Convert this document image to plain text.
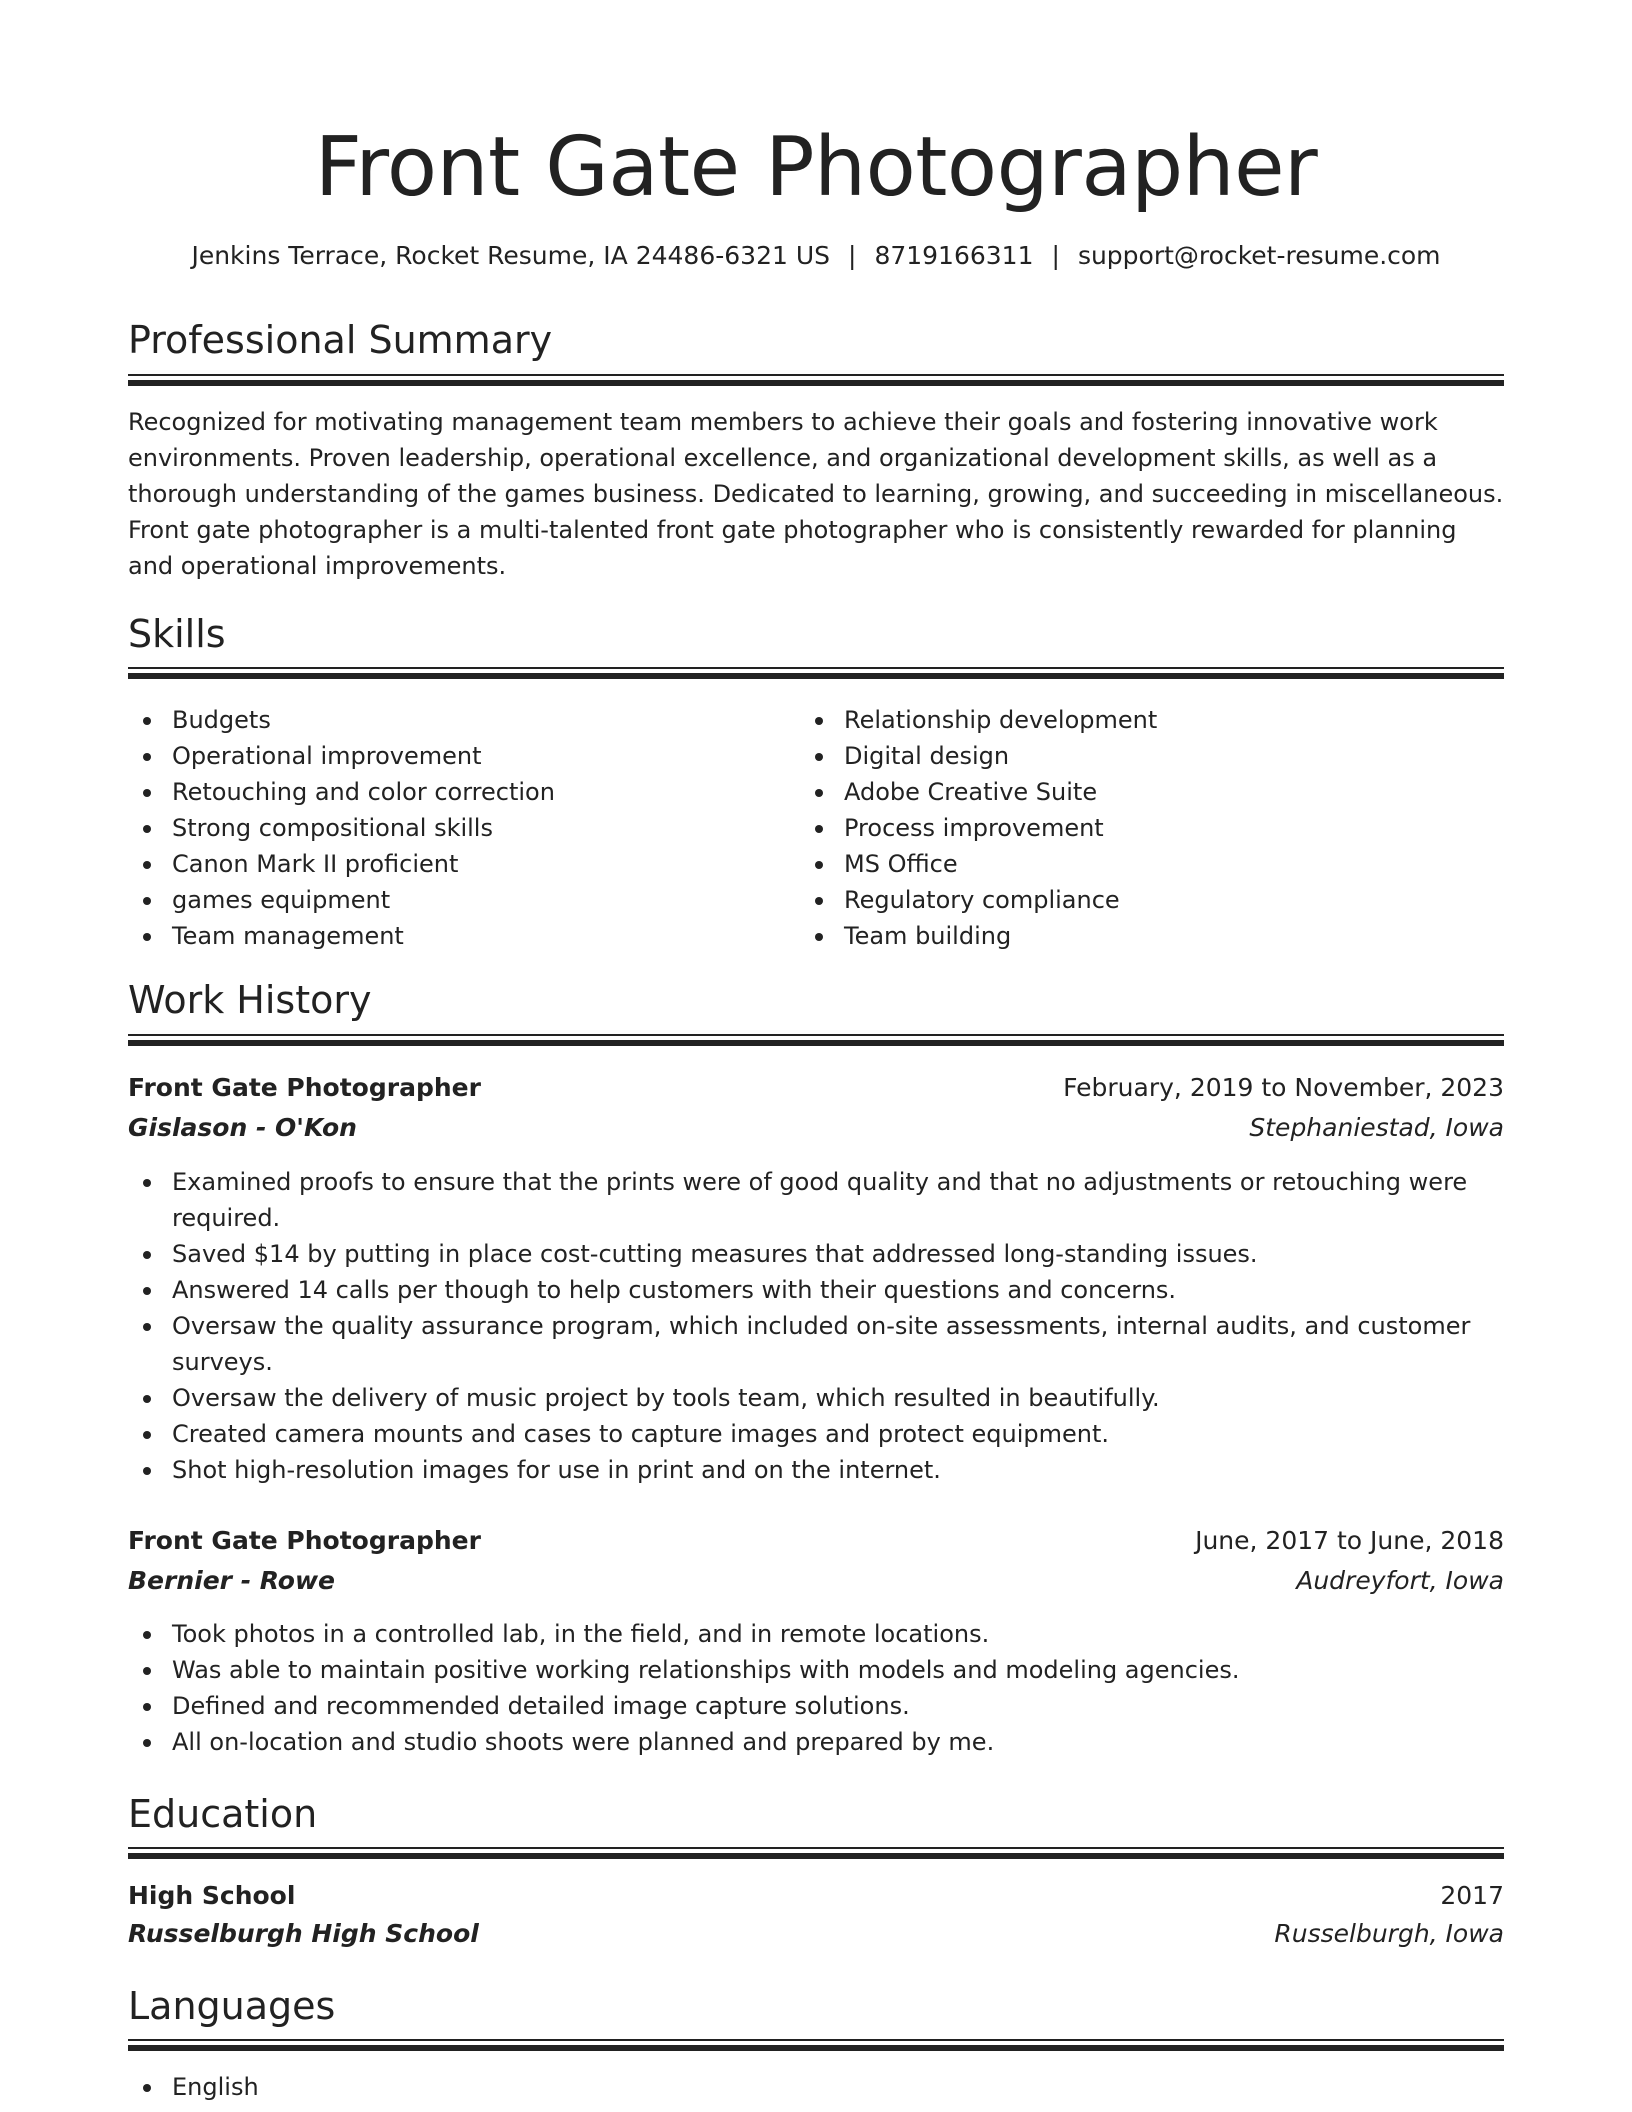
Front Gate Photographer
Jenkins Terrace, Rocket Resume, IA 24486-6321 US | 8719166311 | support@rocket-resume.com
Professional Summary
Recognized for motivating management team members to achieve their goals and fostering innovative work environments. Proven leadership, operational excellence, and organizational development skills, as well as a thorough understanding of the games business. Dedicated to learning, growing, and succeeding in miscellaneous. Front gate photographer is a multi-talented front gate photographer who is consistently rewarded for planning and operational improvements.
Skills
Budgets
Operational improvement
Retouching and color correction
Strong compositional skills
Canon Mark II proficient
games equipment
Team management
Relationship development
Digital design
Adobe Creative Suite
Process improvement
MS Office
Regulatory compliance
Team building
Work History
Front Gate Photographer	February, 2019 to November, 2023
Gislason - O'Kon	Stephaniestad, Iowa
Examined proofs to ensure that the prints were of good quality and that no adjustments or retouching were required.
Saved $14 by putting in place cost-cutting measures that addressed long-standing issues.
Answered 14 calls per though to help customers with their questions and concerns.
Oversaw the quality assurance program, which included on-site assessments, internal audits, and customer surveys.
Oversaw the delivery of music project by tools team, which resulted in beautifully.
Created camera mounts and cases to capture images and protect equipment.
Shot high-resolution images for use in print and on the internet.
Front Gate Photographer	June, 2017 to June, 2018
Bernier - Rowe	Audreyfort, Iowa
Took photos in a controlled lab, in the field, and in remote locations.
Was able to maintain positive working relationships with models and modeling agencies.
Defined and recommended detailed image capture solutions.
All on-location and studio shoots were planned and prepared by me.
Education
High School	2017
Russelburgh High School	Russelburgh, Iowa
Languages
English
